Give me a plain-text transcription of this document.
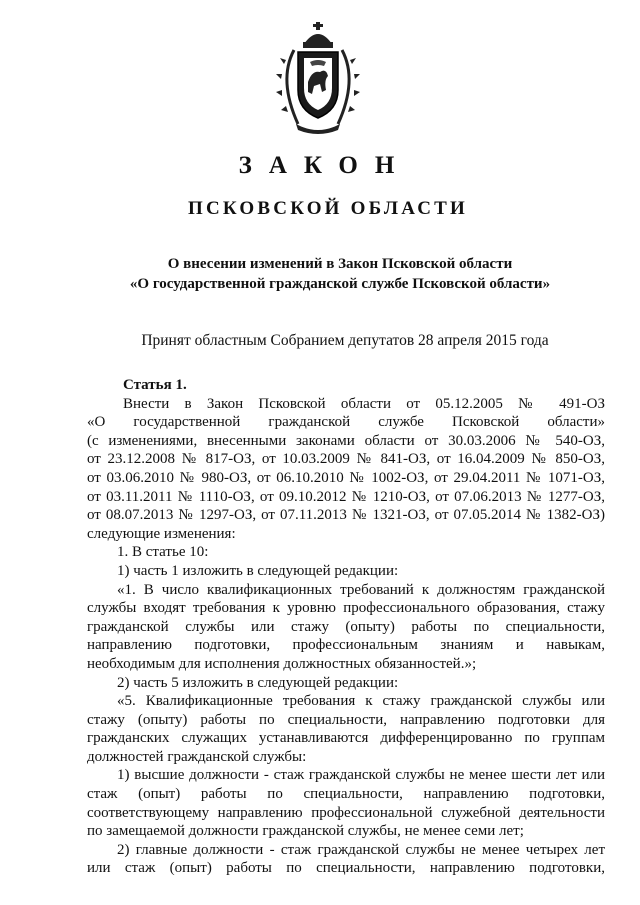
ЗАКОН
ПСКОВСКОЙ ОБЛАСТИ
О внесении изменений в Закон Псковской области
«О государственной гражданской службе Псковской области»
Принят областным Собранием депутатов 28 апреля 2015 года
Статья 1.
Внести в Закон Псковской области от 05.12.2005 № 491-ОЗ
«О государственной гражданской службе Псковской области»
(с изменениями, внесенными законами области от 30.03.2006 № 540-ОЗ,
от 23.12.2008 № 817-ОЗ, от 10.03.2009 № 841-ОЗ, от 16.04.2009 № 850-ОЗ,
от 03.06.2010 № 980-ОЗ, от 06.10.2010 № 1002-ОЗ, от 29.04.2011 № 1071-ОЗ,
от 03.11.2011 № 1110-ОЗ, от 09.10.2012 № 1210-ОЗ, от 07.06.2013 № 1277-ОЗ,
от 08.07.2013 № 1297-ОЗ, от 07.11.2013 № 1321-ОЗ, от 07.05.2014 № 1382-ОЗ)
следующие изменения:
1. В статье 10:
1) часть 1 изложить в следующей редакции:
«1. В число квалификационных требований к должностям гражданской
службы входят требования к уровню профессионального образования, стажу
гражданской службы или стажу (опыту) работы по специальности,
направлению подготовки, профессиональным знаниям и навыкам,
необходимым для исполнения должностных обязанностей.»;
2) часть 5 изложить в следующей редакции:
«5. Квалификационные требования к стажу гражданской службы или
стажу (опыту) работы по специальности, направлению подготовки для
гражданских служащих устанавливаются дифференцированно по группам
должностей гражданской службы:
1) высшие должности - стаж гражданской службы не менее шести лет или
стаж (опыт) работы по специальности, направлению подготовки,
соответствующему направлению профессиональной служебной деятельности
по замещаемой должности гражданской службы, не менее семи лет;
2) главные должности - стаж гражданской службы не менее четырех лет
или стаж (опыт) работы по специальности, направлению подготовки,
